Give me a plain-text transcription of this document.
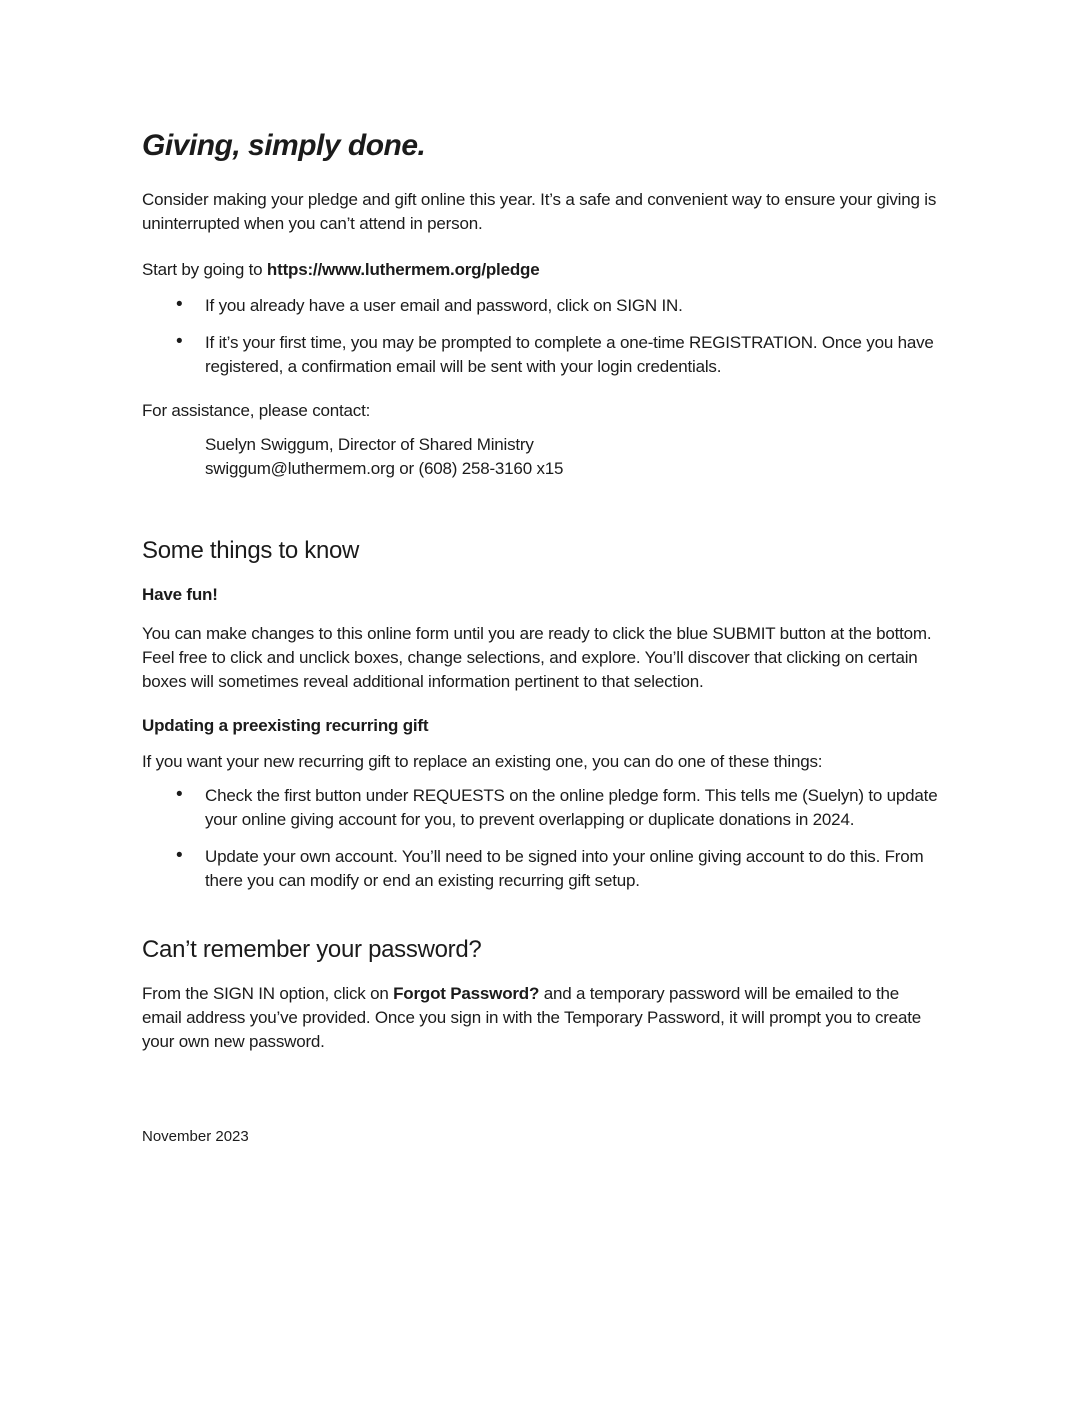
Giving, simply done.

Consider making your pledge and gift online this year. It’s a safe and convenient way to ensure your giving is uninterrupted when you can’t attend in person.

Start by going to https://www.luthermem.org/pledge

• If you already have a user email and password, click on SIGN IN.
• If it’s your first time, you may be prompted to complete a one-time REGISTRATION. Once you have registered, a confirmation email will be sent with your login credentials.

For assistance, please contact:

Suelyn Swiggum, Director of Shared Ministry
swiggum@luthermem.org or (608) 258-3160 x15

Some things to know
Have fun!

You can make changes to this online form until you are ready to click the blue SUBMIT button at the bottom. Feel free to click and unclick boxes, change selections, and explore. You’ll discover that clicking on certain boxes will sometimes reveal additional information pertinent to that selection.

Updating a preexisting recurring gift

If you want your new recurring gift to replace an existing one, you can do one of these things:

• Check the first button under REQUESTS on the online pledge form. This tells me (Suelyn) to update your online giving account for you, to prevent overlapping or duplicate donations in 2024.
• Update your own account. You’ll need to be signed into your online giving account to do this. From there you can modify or end an existing recurring gift setup.
Can’t remember your password?

From the SIGN IN option, click on Forgot Password? and a temporary password will be emailed to the email address you’ve provided. Once you sign in with the Temporary Password, it will prompt you to create your own new password.

November 2023
